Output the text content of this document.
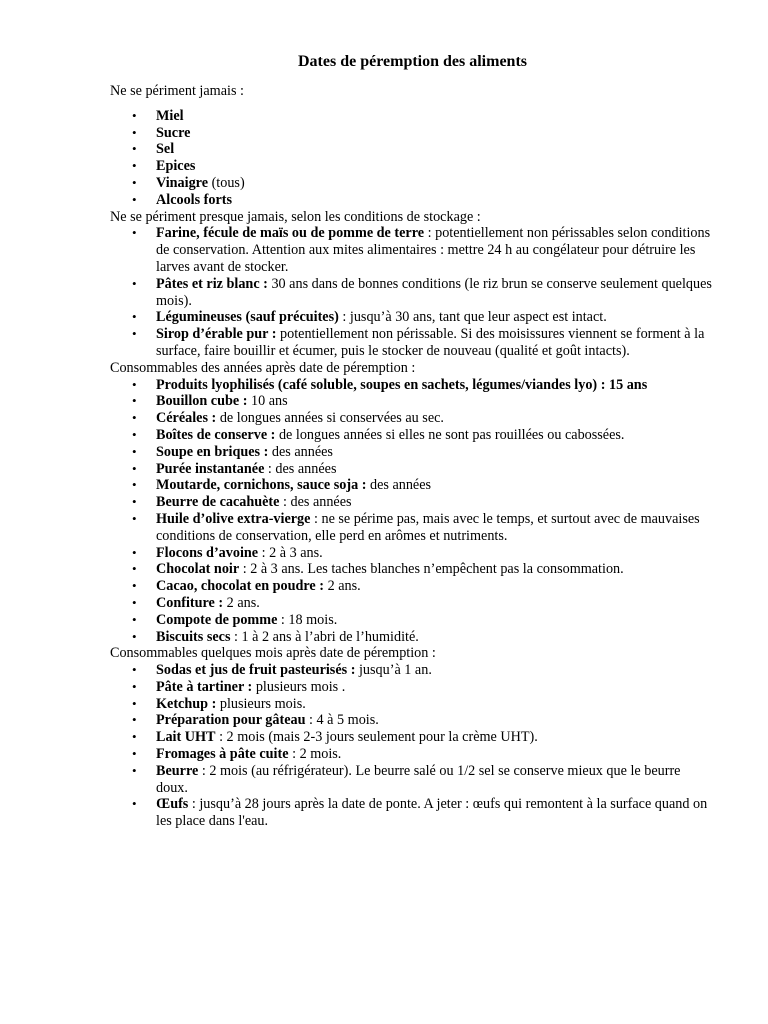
Dates de péremption des aliments

Ne se périment jamais :

• Miel
• Sucre
• Sel
• Epices
• Vinaigre (tous)
• Alcools forts

Ne se périment presque jamais, selon les conditions de stockage :

• Farine, fécule de maïs ou de pomme de terre : potentiellement non périssables selon conditions de conservation. Attention aux mites alimentaires : mettre 24 h au congélateur pour détruire les larves avant de stocker.
• Pâtes et riz blanc : 30 ans dans de bonnes conditions (le riz brun se conserve seulement quelques mois).
• Légumineuses (sauf précuites) : jusqu’à 30 ans, tant que leur aspect est intact.
• Sirop d’érable pur : potentiellement non périssable. Si des moisissures viennent se forment à la surface, faire bouillir et écumer, puis le stocker de nouveau (qualité et goût intacts).

Consommables des années après date de péremption :

• Produits lyophilisés (café soluble, soupes en sachets, légumes/viandes lyo) : 15 ans
• Bouillon cube : 10 ans
• Céréales : de longues années si conservées au sec.
• Boîtes de conserve : de longues années si elles ne sont pas rouillées ou cabossées.
• Soupe en briques : des années
• Purée instantanée : des années
• Moutarde, cornichons, sauce soja : des années
• Beurre de cacahuète : des années
• Huile d’olive extra-vierge : ne se périme pas, mais avec le temps, et surtout avec de mauvaises conditions de conservation, elle perd en arômes et nutriments.
• Flocons d’avoine : 2 à 3 ans.
• Chocolat noir : 2 à 3 ans. Les taches blanches n’empêchent pas la consommation.
• Cacao, chocolat en poudre : 2 ans.
• Confiture : 2 ans.
• Compote de pomme : 18 mois.
• Biscuits secs : 1 à 2 ans à l’abri de l’humidité.

Consommables quelques mois après date de péremption :

• Sodas et jus de fruit pasteurisés : jusqu’à 1 an.
• Pâte à tartiner : plusieurs mois .
• Ketchup : plusieurs mois.
• Préparation pour gâteau : 4 à 5 mois.
• Lait UHT : 2 mois (mais 2-3 jours seulement pour la crème UHT).
• Fromages à pâte cuite : 2 mois.
• Beurre : 2 mois (au réfrigérateur). Le beurre salé ou 1/2 sel se conserve mieux que le beurre doux.
• Œufs : jusqu’à 28 jours après la date de ponte. A jeter : œufs qui remontent à la surface quand on les place dans l'eau.
